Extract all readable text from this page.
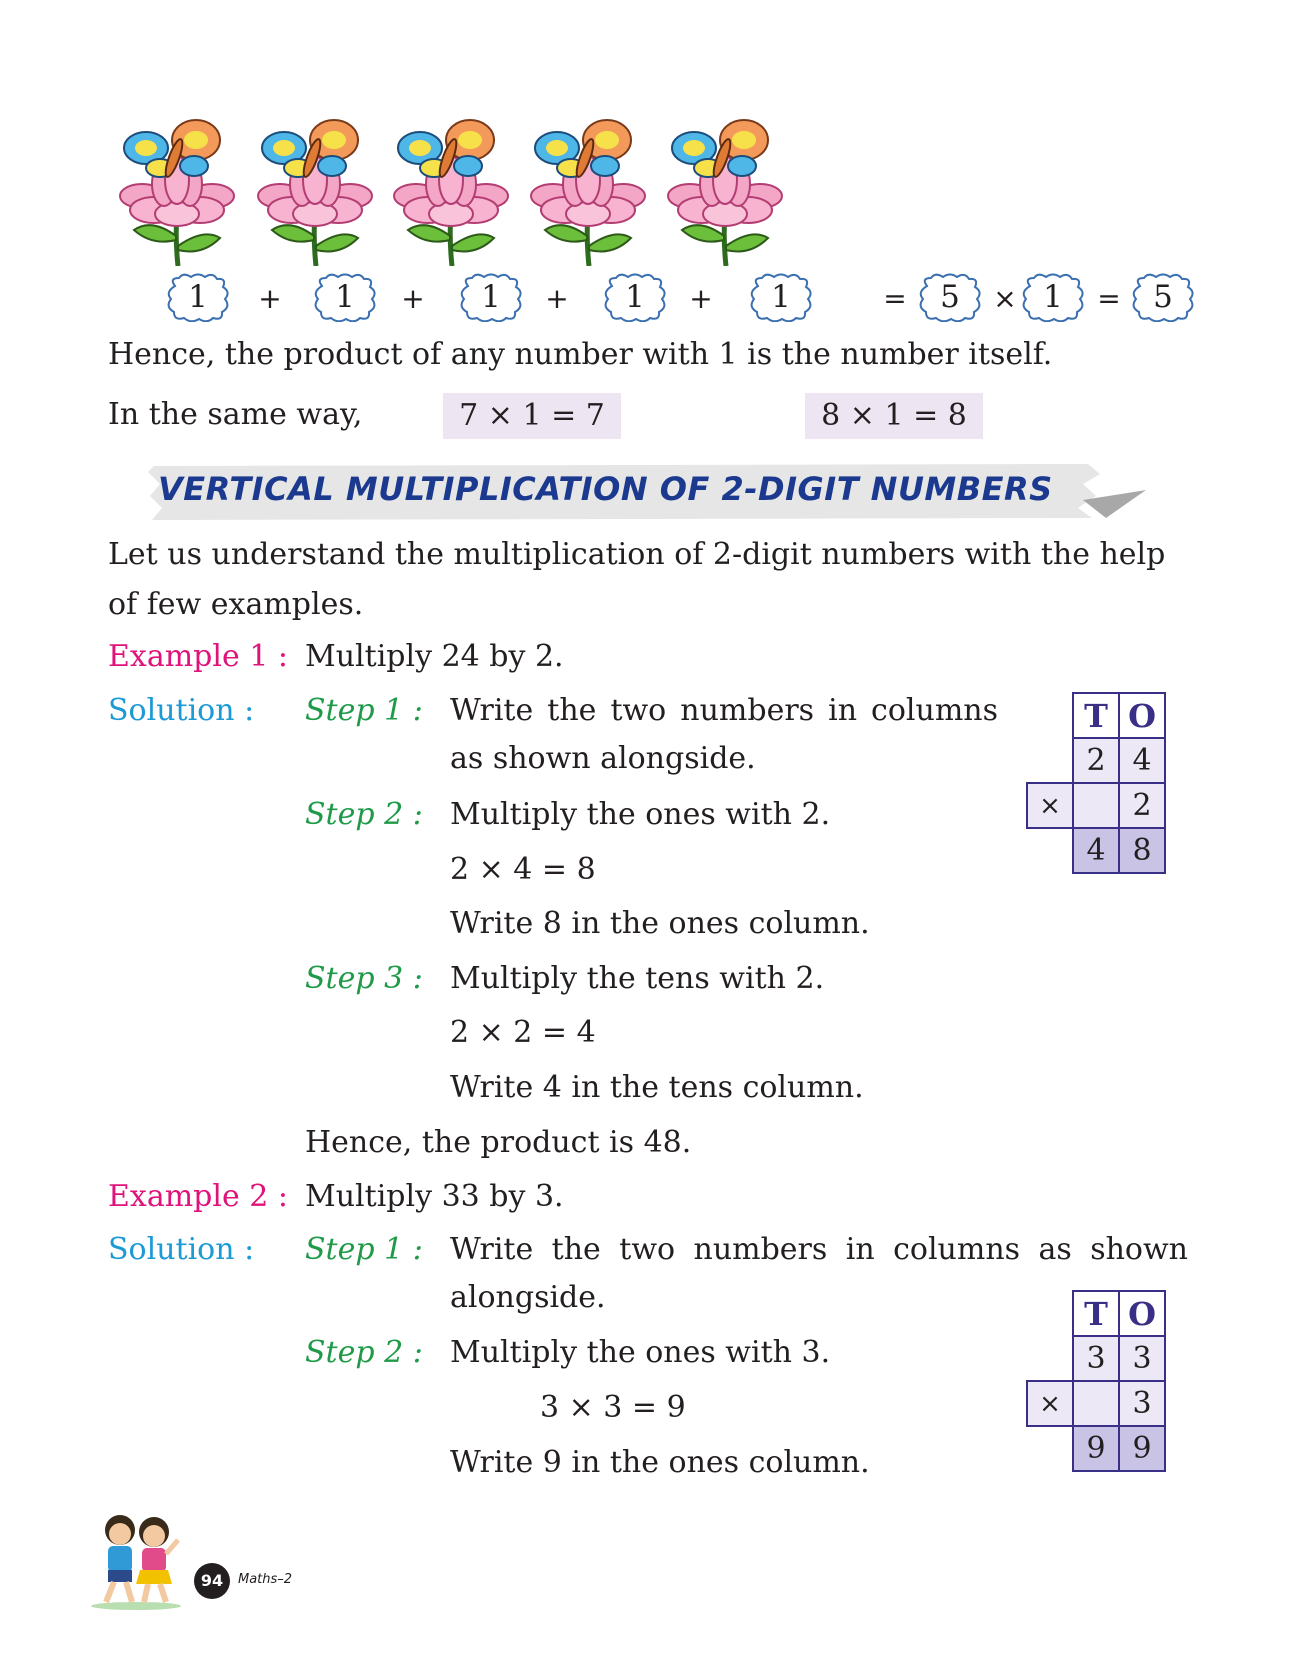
1	+	1	+	1	+	1	+	1	=	5	× 1	=	5
Hence, the product of any number with 1 is the number itself.
In the same way,	7 × 1 = 7	8 × 1 = 8
VERTICAL MULTIPLICATION OF 2-DIGIT NUMBERS
Let us understand the multiplication of 2-digit numbers with the help
of few examples.
Example 1 : Multiply 24 by 2.
Solution : Step 1 : Write the two numbers in columns
as shown alongside.
Step 2 : Multiply the ones with 2.
2 × 4 = 8
Write 8 in the ones column.
Step 3 : Multiply the tens with 2.
2 × 2 = 4
Write 4 in the tens column.
Hence, the product is 48.
	T	O
	2	4
×		2
	4	8
Example 2 : Multiply 33 by 3.
Solution : Step 1 : Write the two numbers in columns as shown
alongside.
Step 2 : Multiply the ones with 3.
3 × 3 = 9
Write 9 in the ones column.
	T	O
	3	3
×		3
	9	9
94	Maths–2
